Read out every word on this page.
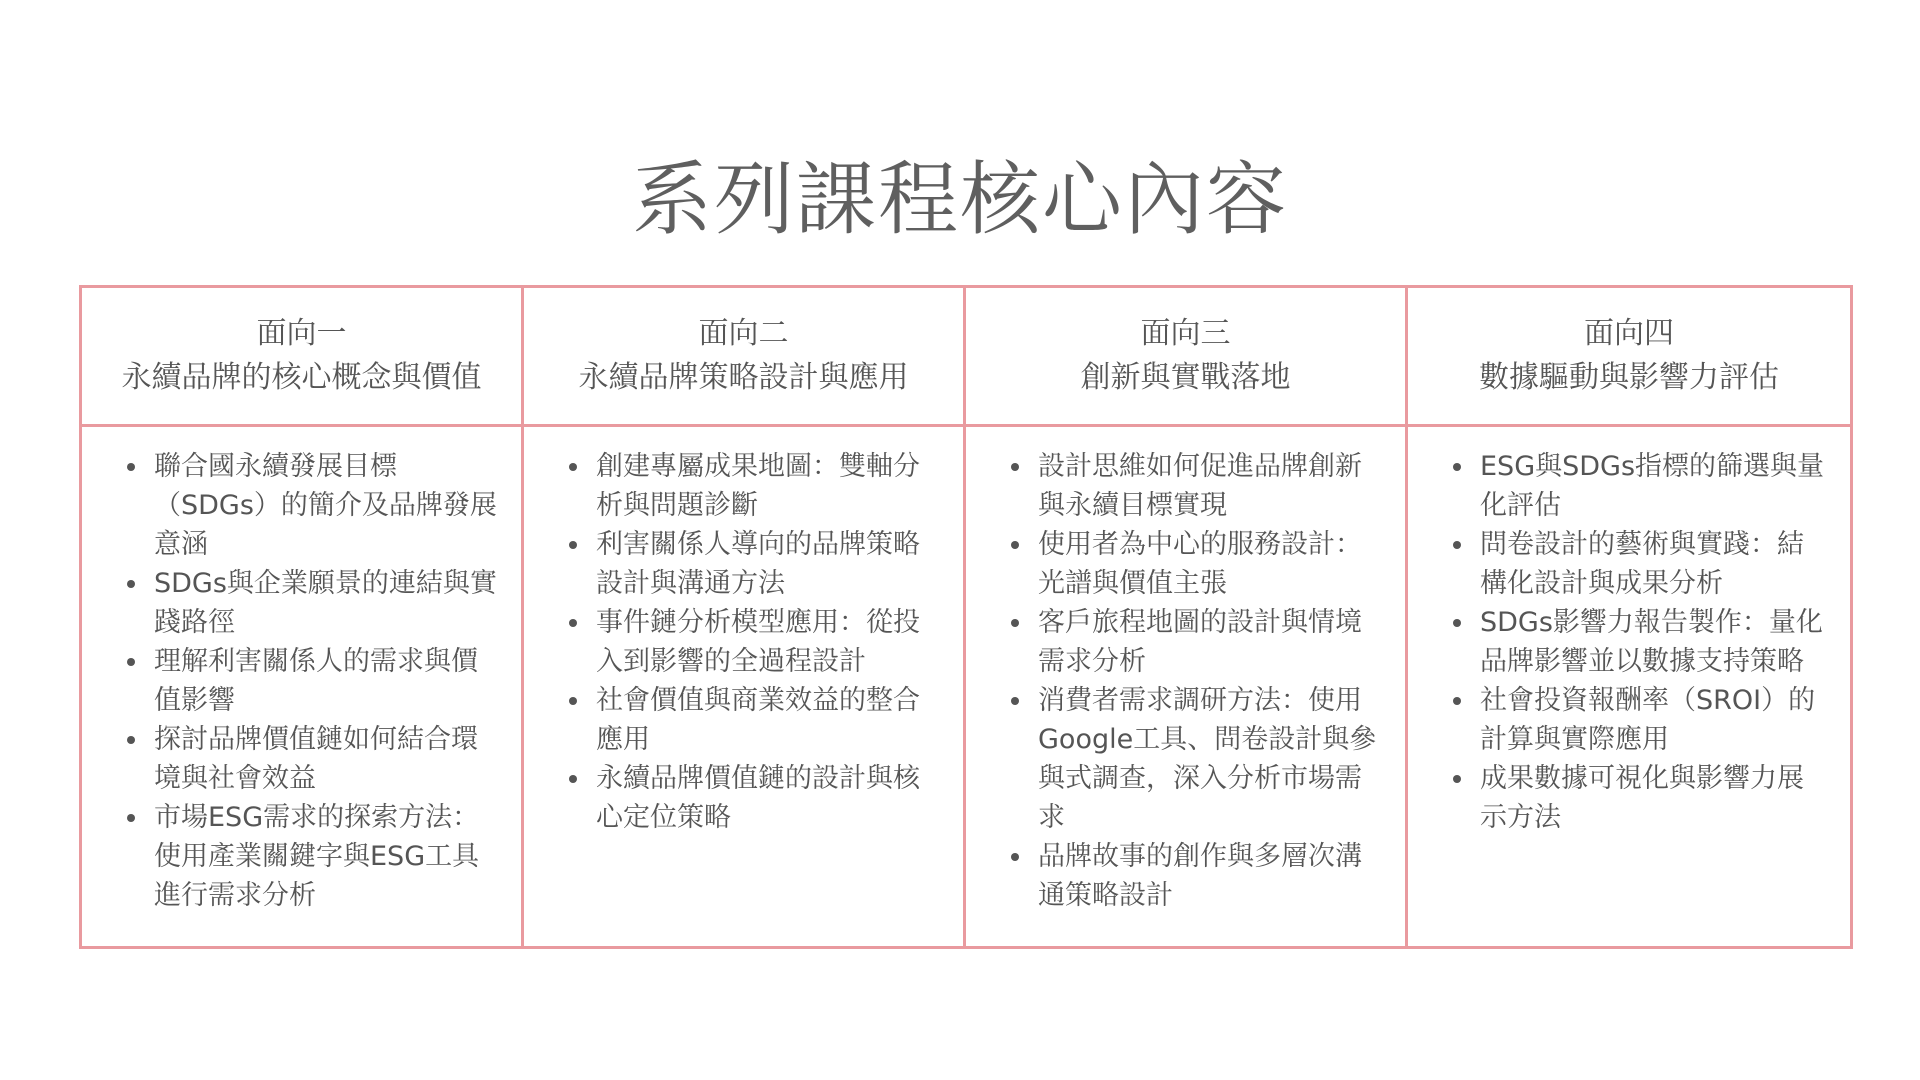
系列課程核心內容
面向一
永續品牌的核心概念與價值
面向二
永續品牌策略設計與應用
面向三
創新與實戰落地
面向四
數據驅動與影響力評估
聯合國永續發展目標（SDGs）的簡介及品牌發展意涵
SDGs與企業願景的連結與實踐路徑
理解利害關係人的需求與價值影響
探討品牌價值鏈如何結合環境與社會效益
市場ESG需求的探索方法：使用產業關鍵字與ESG工具進行需求分析
創建專屬成果地圖：雙軸分析與問題診斷
利害關係人導向的品牌策略設計與溝通方法
事件鏈分析模型應用：從投入到影響的全過程設計
社會價值與商業效益的整合應用
永續品牌價值鏈的設計與核心定位策略
設計思維如何促進品牌創新與永續目標實現
使用者為中心的服務設計：光譜與價值主張
客戶旅程地圖的設計與情境需求分析
消費者需求調研方法：使用Google工具、問卷設計與參與式調查，深入分析市場需求
品牌故事的創作與多層次溝通策略設計
ESG與SDGs指標的篩選與量化評估
問卷設計的藝術與實踐：結構化設計與成果分析
SDGs影響力報告製作：量化品牌影響並以數據支持策略
社會投資報酬率（SROI）的計算與實際應用
成果數據可視化與影響力展示方法
